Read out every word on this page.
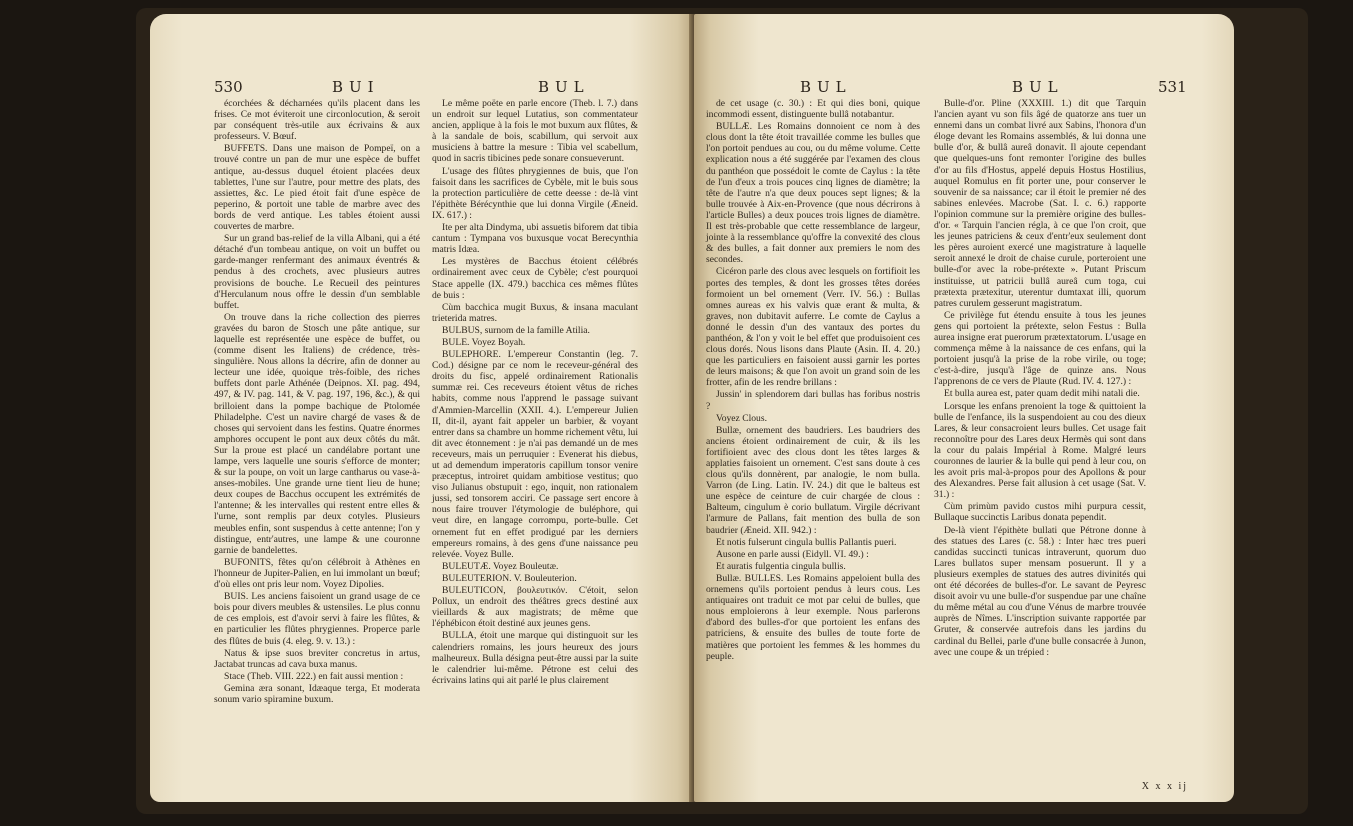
530	BUI	BUL

écorchées & décharnées qu'ils placent dans les frises. Ce mot éviteroit une circonlocution, & seroit par conséquent très-utile aux écrivains & aux professeurs. V. Bœuf.

BUFFETS. Dans une maison de Pompeï, on a trouvé contre un pan de mur une espèce de buffet antique, au-dessus duquel étoient placées deux tablettes, l'une sur l'autre, pour mettre des plats, des assiettes, &c. Le pied étoit fait d'une espèce de peperino, & portoit une table de marbre avec des bords de verd antique. Les tables étoient aussi couvertes de marbre.

Sur un grand bas-relief de la villa Albani, qui a été détaché d'un tombeau antique, on voit un buffet ou garde-manger renfermant des animaux éventrés & pendus à des crochets, avec plusieurs autres provisions de bouche. Le Recueil des peintures d'Herculanum nous offre le dessin d'un semblable buffet.

On trouve dans la riche collection des pierres gravées du baron de Stosch une pâte antique, sur laquelle est représentée une espèce de buffet, ou (comme disent les Italiens) de crédence, très-singulière. Nous allons la décrire, afin de donner au lecteur une idée, quoique très-foible, des riches buffets dont parle Athénée (Deipnos. XI. pag. 494, 497, & IV. pag. 141, & V. pag. 197, 196, &c.), & qui brilloient dans la pompe bachique de Ptolomée Philadelphe. C'est un navire chargé de vases & de choses qui servoient dans les festins. Quatre énormes amphores occupent le pont aux deux côtés du mât. Sur la proue est placé un candélabre portant une lampe, vers laquelle une souris s'efforce de monter; & sur la poupe, on voit un large cantharus ou vase-à-anses-mobiles. Une grande urne tient lieu de hune; deux coupes de Bacchus occupent les extrémités de l'antenne; & les intervalles qui restent entre elles & l'urne, sont remplis par deux cotyles. Plusieurs meubles enfin, sont suspendus à cette antenne; l'on y distingue, entr'autres, une lampe & une couronne garnie de bandelettes.

BUFONITS, fêtes qu'on célébroit à Athènes en l'honneur de Jupiter-Palien, en lui immolant un bœuf; d'où elles ont pris leur nom. Voyez Dipolies.

BUIS. Les anciens faisoient un grand usage de ce bois pour divers meubles & ustensiles. Le plus connu de ces emplois, est d'avoir servi à faire les flûtes, & en particulier les flûtes phrygiennes. Properce parle des flûtes de buis (4. eleg. 9. v. 13.) :

Natus & ipse suos breviter concretus in artus, Jactabat truncas ad cava buxa manus.

Stace (Theb. VIII. 222.) en fait aussi mention :

Gemina æra sonant, Idæaque terga, Et moderata sonum vario spiramine buxum.

Le même poëte en parle encore (Theb. l. 7.) dans un endroit sur lequel Lutatius, son commentateur ancien, applique à la fois le mot buxum aux flûtes, & à la sandale de bois, scabillum, qui servoit aux musiciens à battre la mesure : Tibia vel scabellum, quod in sacris tibicines pede sonare consueverunt.

L'usage des flûtes phrygiennes de buis, que l'on faisoit dans les sacrifices de Cybèle, mit le buis sous la protection particulière de cette deesse : de-là vint l'épithète Bérécynthie que lui donna Virgile (Æneid. IX. 617.) :

Ite per alta Dindyma, ubi assuetis biforem dat tibia cantum : Tympana vos buxusque vocat Berecynthia matris Idæa.

Les mystères de Bacchus étoient célébrés ordinairement avec ceux de Cybèle; c'est pourquoi Stace appelle (IX. 479.) bacchica ces mêmes flûtes de buis :

Cùm bacchica mugit Buxus, & insana maculant trieterida matres.

BULBUS, surnom de la famille Atilia.

BULE. Voyez Boyah.

BULEPHORE. L'empereur Constantin (leg. 7. Cod.) désigne par ce nom le receveur-général des droits du fisc, appelé ordinairement Rationalis summæ rei. Ces receveurs étoient vêtus de riches habits, comme nous l'apprend le passage suivant d'Ammien-Marcellin (XXII. 4.). L'empereur Julien II, dit-il, ayant fait appeler un barbier, & voyant entrer dans sa chambre un homme richement vêtu, lui dit avec étonnement : je n'ai pas demandé un de mes receveurs, mais un perruquier : Evenerat his diebus, ut ad demendum imperatoris capillum tonsor venire præceptus, introiret quidam ambitiose vestitus; quo viso Julianus obstupuit : ego, inquit, non rationalem jussi, sed tonsorem acciri. Ce passage sert encore à nous faire trouver l'étymologie de buléphore, qui veut dire, en langage corrompu, porte-bulle. Cet ornement fut en effet prodigué par les derniers empereurs romains, à des gens d'une naissance peu relevée. Voyez Bulle.

BULEUTÆ. Voyez Bouleutæ.

BULEUTERION. V. Bouleuterion.

BULEUTICON, βουλευτικόν. C'étoit, selon Pollux, un endroit des théâtres grecs destiné aux vieillards & aux magistrats; de même que l'éphébicon étoit destiné aux jeunes gens.

BULLA, étoit une marque qui distinguoit sur les calendriers romains, les jours heureux des jours malheureux. Bulla désigna peut-être aussi par la suite le calendrier lui-même. Pétrone est celui des écrivains latins qui ait parlé le plus clairement

BUL	BUL	531

de cet usage (c. 30.) : Et qui dies boni, quique incommodi essent, distinguente bullâ notabantur.

BULLÆ. Les Romains donnoient ce nom à des clous dont la tête étoit travaillée comme les bulles que l'on portoit pendues au cou, ou du même volume. Cette explication nous a été suggérée par l'examen des clous du panthéon que possédoit le comte de Caylus : la tête de l'un d'eux a trois pouces cinq lignes de diamètre; la tête de l'autre n'a que deux pouces sept lignes; & la bulle trouvée à Aix-en-Provence (que nous décrirons à l'article Bulles) a deux pouces trois lignes de diamètre. Il est très-probable que cette ressemblance de largeur, jointe à la ressemblance qu'offre la convexité des clous & des bulles, a fait donner aux premiers le nom des secondes.

Cicéron parle des clous avec lesquels on fortifioit les portes des temples, & dont les grosses têtes dorées formoient un bel ornement (Verr. IV. 56.) : Bullas omnes aureas ex his valvis quæ erant & multa, & graves, non dubitavit auferre. Le comte de Caylus a donné le dessin d'un des vantaux des portes du panthéon, & l'on y voit le bel effet que produisoient ces clous dorés. Nous lisons dans Plaute (Asin. II. 4. 20.) que les particuliers en faisoient aussi garnir les portes de leurs maisons; & que l'on avoit un grand soin de les frotter, afin de les rendre brillans :

Jussin' in splendorem dari bullas has foribus nostris ?

Voyez Clous.

Bullæ, ornement des baudriers. Les baudriers des anciens étoient ordinairement de cuir, & ils les fortifioient avec des clous dont les têtes larges & applaties faisoient un ornement. C'est sans doute à ces clous qu'ils donnèrent, par analogie, le nom bulla. Varron (de Ling. Latin. IV. 24.) dit que le balteus est une espèce de ceinture de cuir chargée de clous : Balteum, cingulum è corio bullatum. Virgile décrivant l'armure de Pallans, fait mention des bulla de son baudrier (Æneid. XII. 942.) :

Et notis fulserunt cingula bullis Pallantis pueri.

Ausone en parle aussi (Eidyll. VI. 49.) :

Et auratis fulgentia cingula bullis.

Bullæ. BULLES. Les Romains appeloient bulla des ornemens qu'ils portoient pendus à leurs cous. Les antiquaires ont traduit ce mot par celui de bulles, que nous emploierons à leur exemple. Nous parlerons d'abord des bulles-d'or que portoient les enfans des patriciens, & ensuite des bulles de toute forte de matières que portoient les femmes & les hommes du peuple.

Bulle-d'or. Pline (XXXIII. 1.) dit que Tarquin l'ancien ayant vu son fils âgé de quatorze ans tuer un ennemi dans un combat livré aux Sabins, l'honora d'un éloge devant les Romains assemblés, & lui donna une bulle d'or, & bullâ aureâ donavit. Il ajoute cependant que quelques-uns font remonter l'origine des bulles d'or au fils d'Hostus, appelé depuis Hostus Hostilius, auquel Romulus en fit porter une, pour conserver le souvenir de sa naissance; car il étoit le premier né des sabines enlevées. Macrobe (Sat. I. c. 6.) rapporte l'opinion commune sur la première origine des bulles-d'or. « Tarquin l'ancien régla, à ce que l'on croit, que les jeunes patriciens & ceux d'entr'eux seulement dont les pères auroient exercé une magistrature à laquelle seroit annexé le droit de chaise curule, porteroient une bulle-d'or avec la robe-prétexte ». Putant Priscum instituisse, ut patricii bullâ aureâ cum toga, cui prætexta prætexitur, uterentur dumtaxat illi, quorum patres curulem gesserunt magistratum.

Ce privilège fut étendu ensuite à tous les jeunes gens qui portoient la prétexte, selon Festus : Bulla aurea insigne erat puerorum prætextatorum. L'usage en commença même à la naissance de ces enfans, qui la portoient jusqu'à la prise de la robe virile, ou toge; c'est-à-dire, jusqu'à l'âge de quinze ans. Nous l'apprenons de ce vers de Plaute (Rud. IV. 4. 127.) :

Et bulla aurea est, pater quam dedit mihi natali die.

Lorsque les enfans prenoient la toge & quittoient la bulle de l'enfance, ils la suspendoient au cou des dieux Lares, & leur consacroient leurs bulles. Cet usage fait reconnoître pour des Lares deux Hermès qui sont dans la cour du palais Impérial à Rome. Malgré leurs couronnes de laurier & la bulle qui pend à leur cou, on les avoit pris mal-à-propos pour des Apollons & pour des Alexandres. Perse fait allusion à cet usage (Sat. V. 31.) :

Cùm primùm pavido custos mihi purpura cessit, Bullaque succinctis Laribus donata pependit.

De-là vient l'épithète bullati que Pétrone donne à des statues des Lares (c. 58.) : Inter hæc tres pueri candidas succincti tunicas intraverunt, quorum duo Lares bullatos super mensam posuerunt. Il y a plusieurs exemples de statues des autres divinités qui ont été décorées de bulles-d'or. Le savant de Peyresc disoit avoir vu une bulle-d'or suspendue par une chaîne du même métal au cou d'une Vénus de marbre trouvée auprès de Nîmes. L'inscription suivante rapportée par Gruter, & conservée autrefois dans les jardins du cardinal du Bellei, parle d'une bulle consacrée à Junon, avec une coupe & un trépied :

X x x ij
